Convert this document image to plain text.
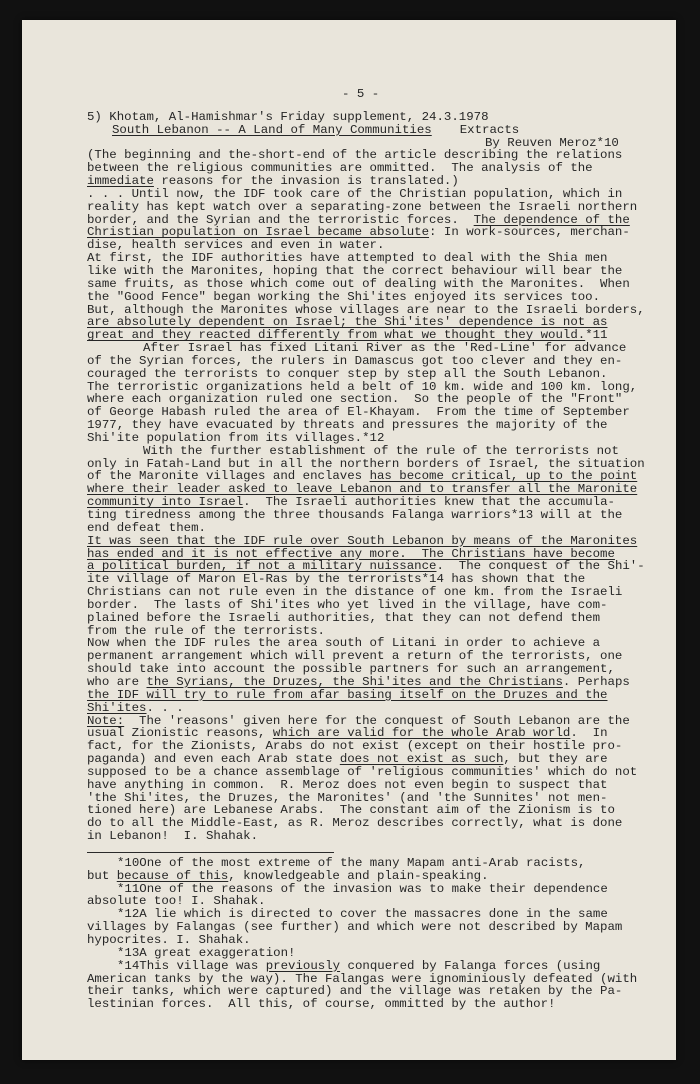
- 5 -
5) Khotam, Al-Hamishmar's Friday supplement, 24.3.1978
South Lebanon -- A Land of Many Communities Extracts
By Reuven Meroz*10
(The beginning and the-short-end of the article describing the relations
between the religious communities are ommitted.  The analysis of the
immediate reasons for the invasion is translated.)
. . . Until now, the IDF took care of the Christian population, which in
reality has kept watch over a separating-zone between the Israeli northern
border, and the Syrian and the terroristic forces.  The dependence of the
Christian population on Israel became absolute: In work-sources, merchan-
dise, health services and even in water.
At first, the IDF authorities have attempted to deal with the Shia men
like with the Maronites, hoping that the correct behaviour will bear the
same fruits, as those which come out of dealing with the Maronites.  When
the "Good Fence" began working the Shi'ites enjoyed its services too.
But, although the Maronites whose villages are near to the Israeli borders,
are absolutely dependent on Israel; the Shi'ites' dependence is not as
great and they reacted differently from what we thought they would.*11
After Israel has fixed Litani River as the 'Red-Line' for advance
of the Syrian forces, the rulers in Damascus got too clever and they en-
couraged the terrorists to conquer step by step all the South Lebanon.
The terroristic organizations held a belt of 10 km. wide and 100 km. long,
where each organization ruled one section.  So the people of the "Front"
of George Habash ruled the area of El-Khayam.  From the time of September
1977, they have evacuated by threats and pressures the majority of the
Shi'ite population from its villages.*12
With the further establishment of the rule of the terrorists not
only in Fatah-Land but in all the northern borders of Israel, the situation
of the Maronite villages and enclaves has become critical, up to the point
where their leader asked to leave Lebanon and to transfer all the Maronite
community into Israel.  The Israeli authorities knew that the accumula-
ting tiredness among the three thousands Falanga warriors*13 will at the
end defeat them.
It was seen that the IDF rule over South Lebanon by means of the Maronites
has ended and it is not effective any more.  The Christians have become
a political burden, if not a military nuissance.  The conquest of the Shi'-
ite village of Maron El-Ras by the terrorists*14 has shown that the
Christians can not rule even in the distance of one km. from the Israeli
border.  The lasts of Shi'ites who yet lived in the village, have com-
plained before the Israeli authorities, that they can not defend them
from the rule of the terrorists.
Now when the IDF rules the area south of Litani in order to achieve a
permanent arrangement which will prevent a return of the terrorists, one
should take into account the possible partners for such an arrangement,
who are the Syrians, the Druzes, the Shi'ites and the Christians. Perhaps
the IDF will try to rule from afar basing itself on the Druzes and the
Shi'ites. . .
Note:  The 'reasons' given here for the conquest of South Lebanon are the
usual Zionistic reasons, which are valid for the whole Arab world.  In
fact, for the Zionists, Arabs do not exist (except on their hostile pro-
paganda) and even each Arab state does not exist as such, but they are
supposed to be a chance assemblage of 'religious communities' which do not
have anything in common.  R. Meroz does not even begin to suspect that
'the Shi'ites, the Druzes, the Maronites' (and 'the Sunnites' not men-
tioned here) are Lebanese Arabs.  The constant aim of the Zionism is to
do to all the Middle-East, as R. Meroz describes correctly, what is done
in Lebanon!  I. Shahak.
*10One of the most extreme of the many Mapam anti-Arab racists,
but because of this, knowledgeable and plain-speaking.
*11One of the reasons of the invasion was to make their dependence
absolute too! I. Shahak.
*12A lie which is directed to cover the massacres done in the same
villages by Falangas (see further) and which were not described by Mapam
hypocrites. I. Shahak.
*13A great exaggeration!
*14This village was previously conquered by Falanga forces (using
American tanks by the way). The Falangas were ignominiously defeated (with
their tanks, which were captured) and the village was retaken by the Pa-
lestinian forces.  All this, of course, ommitted by the author!
